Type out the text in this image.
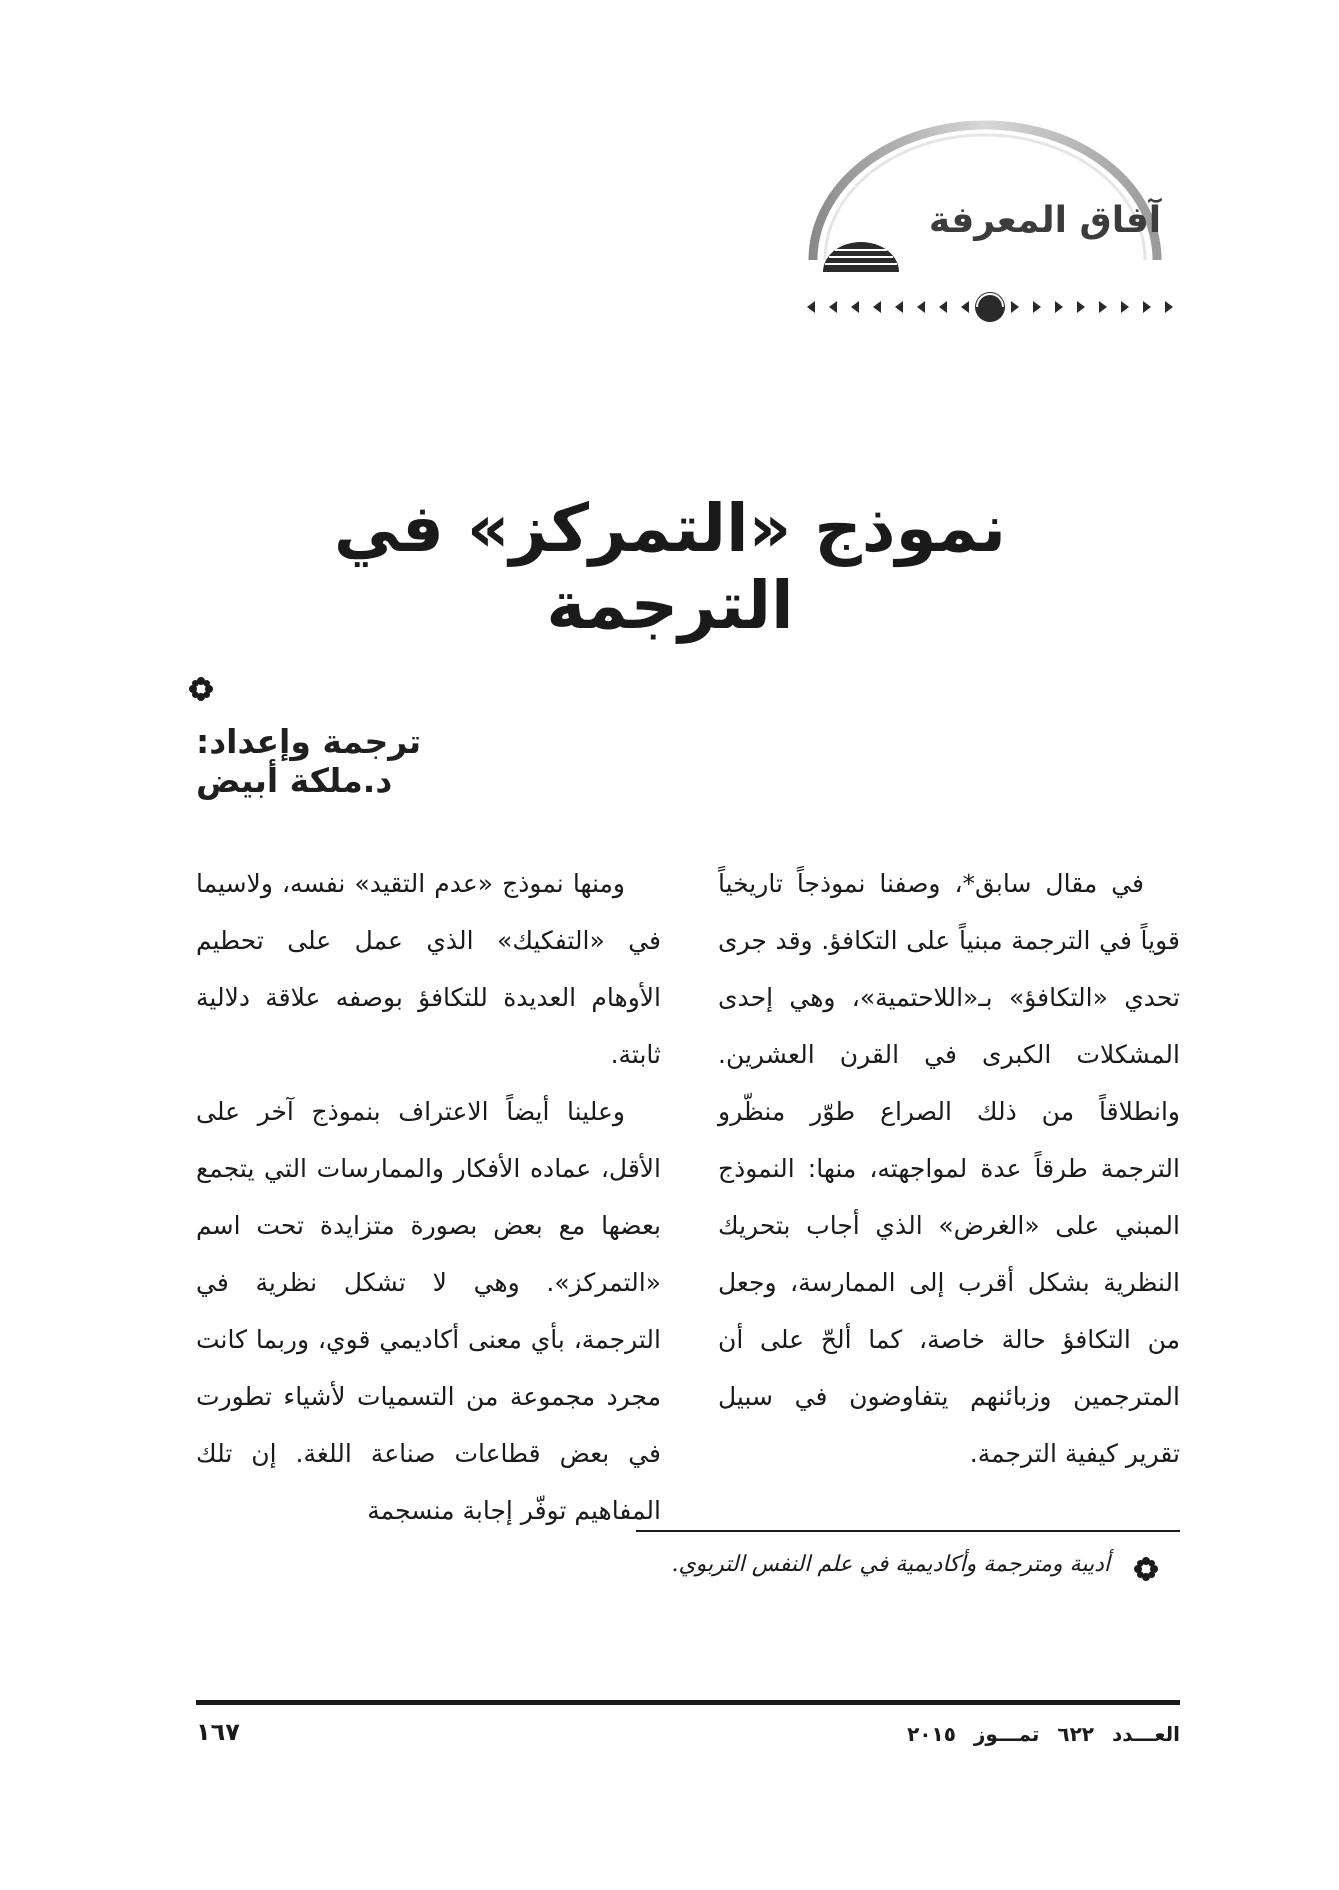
آفاق المعرفة
نموذج «التمركز» في الترجمة
ترجمة وإعداد: د.ملكة أبيض

في مقال سابق*، وصفنا نموذجاً تاريخياً قوياً في الترجمة مبنياً على التكافؤ. وقد جرى تحدي «التكافؤ» بـ«اللاحتمية»، وهي إحدى المشكلات الكبرى في القرن العشرين. وانطلاقاً من ذلك الصراع طوّر منظّرو الترجمة طرقاً عدة لمواجهته، منها: النموذج المبني على «الغرض» الذي أجاب بتحريك النظرية بشكل أقرب إلى الممارسة، وجعل من التكافؤ حالة خاصة، كما ألحّ على أن المترجمين وزبائنهم يتفاوضون في سبيل تقرير كيفية الترجمة.

ومنها نموذج «عدم التقيد» نفسه، ولاسيما في «التفكيك» الذي عمل على تحطيم الأوهام العديدة للتكافؤ بوصفه علاقة دلالية ثابتة.

وعلينا أيضاً الاعتراف بنموذج آخر على الأقل، عماده الأفكار والممارسات التي يتجمع بعضها مع بعض بصورة متزايدة تحت اسم «التمركز». وهي لا تشكل نظرية في الترجمة، بأي معنى أكاديمي قوي، وربما كانت مجرد مجموعة من التسميات لأشياء تطورت في بعض قطاعات صناعة اللغة. إن تلك المفاهيم توفّر إجابة منسجمة

أديبة ومترجمة وأكاديمية في علم النفس التربوي.
العـــدد٦٢٢تمـــوز٢٠١٥
١٦٧
